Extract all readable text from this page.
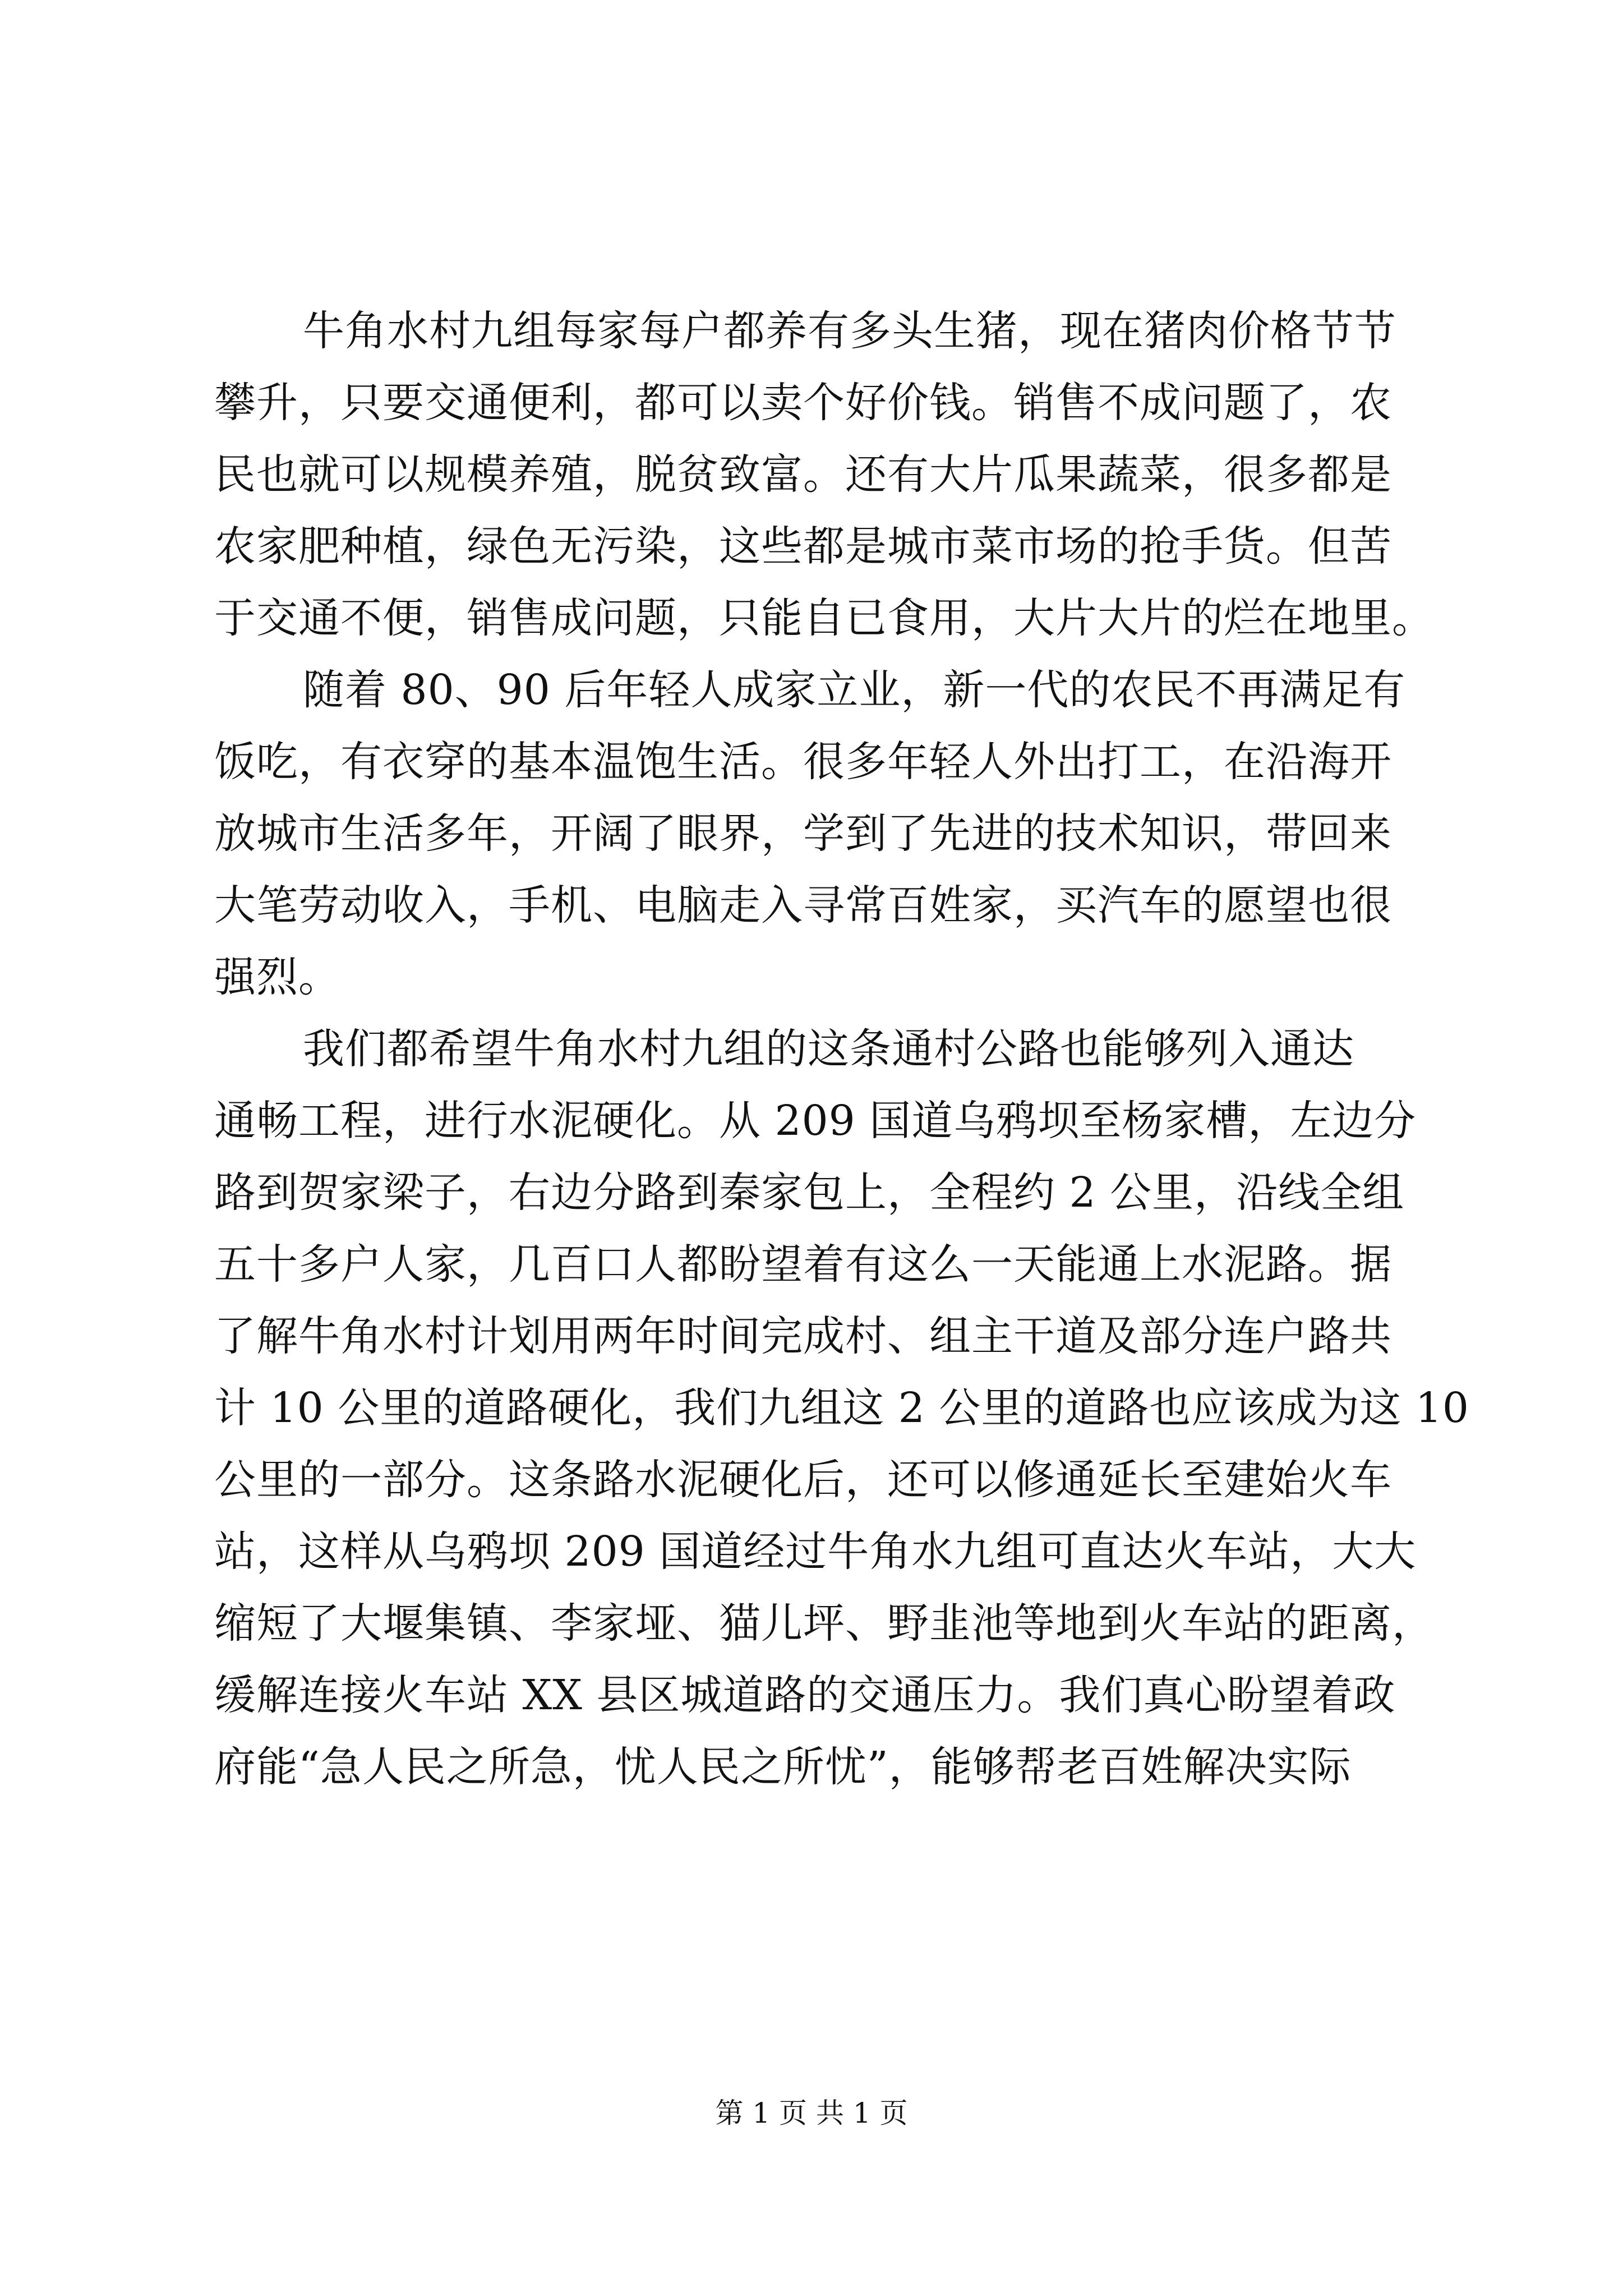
牛角水村九组每家每户都养有多头生猪，现在猪肉价格节节
攀升，只要交通便利，都可以卖个好价钱。销售不成问题了，农
民也就可以规模养殖，脱贫致富。还有大片瓜果蔬菜，很多都是
农家肥种植，绿色无污染，这些都是城市菜市场的抢手货。但苦
于交通不便，销售成问题，只能自已食用，大片大片的烂在地里。
随着 80、90 后年轻人成家立业，新一代的农民不再满足有
饭吃，有衣穿的基本温饱生活。很多年轻人外出打工，在沿海开
放城市生活多年，开阔了眼界，学到了先进的技术知识，带回来
大笔劳动收入，手机、电脑走入寻常百姓家，买汽车的愿望也很
强烈。
我们都希望牛角水村九组的这条通村公路也能够列入通达
通畅工程，进行水泥硬化。从 209 国道乌鸦坝至杨家槽，左边分
路到贺家梁子，右边分路到秦家包上，全程约 2 公里，沿线全组
五十多户人家，几百口人都盼望着有这么一天能通上水泥路。据
了解牛角水村计划用两年时间完成村、组主干道及部分连户路共
计 10 公里的道路硬化，我们九组这 2 公里的道路也应该成为这 10
公里的一部分。这条路水泥硬化后，还可以修通延长至建始火车
站，这样从乌鸦坝 209 国道经过牛角水九组可直达火车站，大大
缩短了大堰集镇、李家垭、猫儿坪、野韭池等地到火车站的距离，
缓解连接火车站 XX 县区城道路的交通压力。我们真心盼望着政
府能“急人民之所急，忧人民之所忧”，能够帮老百姓解决实际
第 1 页 共 1 页
